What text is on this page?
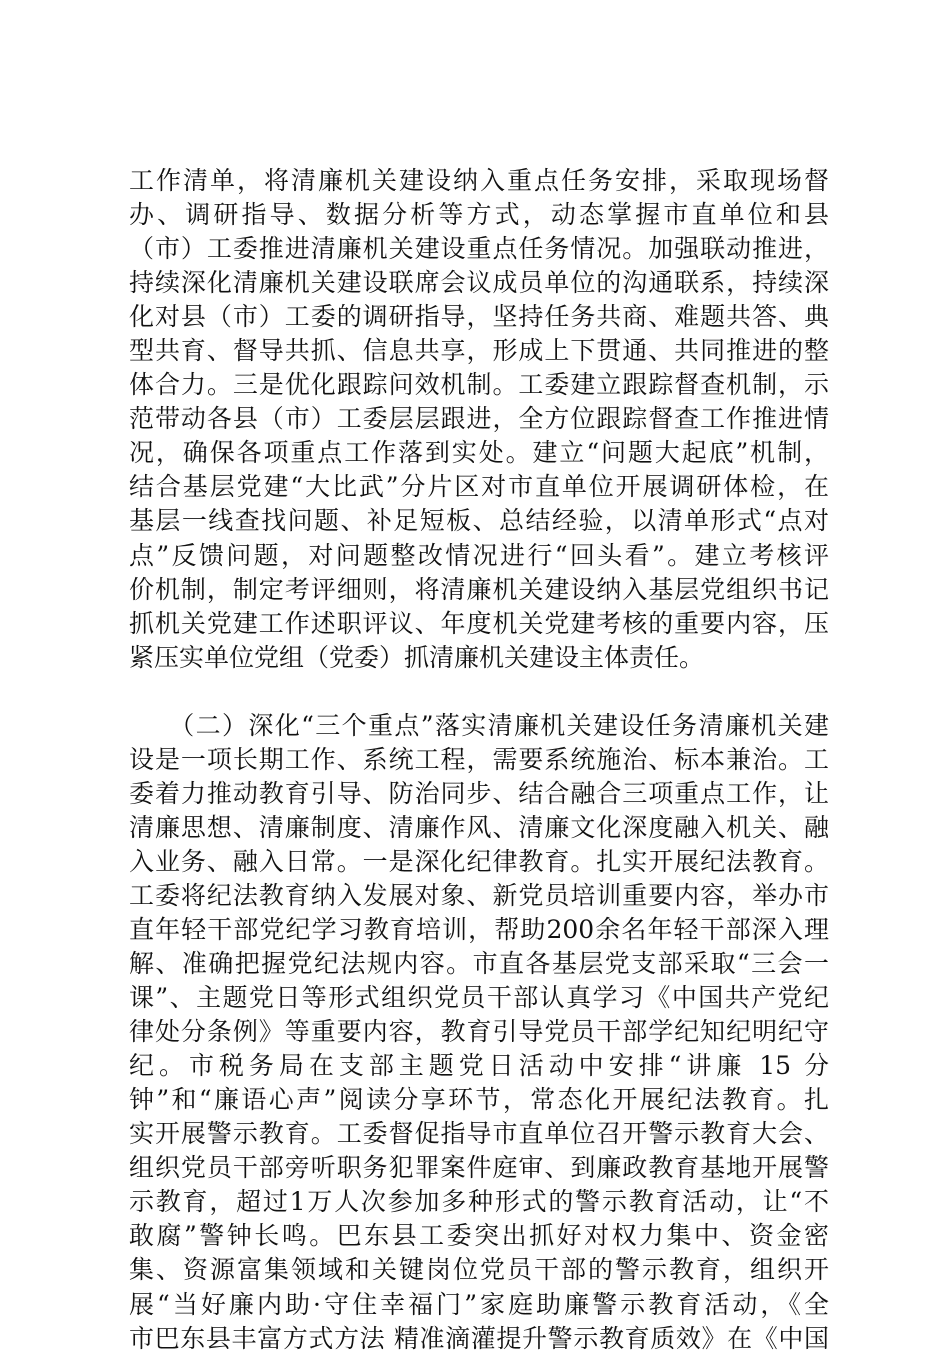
工作清单，将清廉机关建设纳入重点任务安排，采取现场督
办、调研指导、数据分析等方式，动态掌握市直单位和县
（市）工委推进清廉机关建设重点任务情况。加强联动推进，
持续深化清廉机关建设联席会议成员单位的沟通联系，持续深
化对县（市）工委的调研指导，坚持任务共商、难题共答、典
型共育、督导共抓、信息共享，形成上下贯通、共同推进的整
体合力。三是优化跟踪问效机制。工委建立跟踪督查机制，示
范带动各县（市）工委层层跟进，全方位跟踪督查工作推进情
况，确保各项重点工作落到实处。建立“问题大起底”机制，
结合基层党建“大比武”分片区对市直单位开展调研体检，在
基层一线查找问题、补足短板、总结经验，以清单形式“点对
点”反馈问题，对问题整改情况进行“回头看”。建立考核评
价机制，制定考评细则，将清廉机关建设纳入基层党组织书记
抓机关党建工作述职评议、年度机关党建考核的重要内容，压
紧压实单位党组（党委）抓清廉机关建设主体责任。
　　（二）深化“三个重点”落实清廉机关建设任务清廉机关建
设是一项长期工作、系统工程，需要系统施治、标本兼治。工
委着力推动教育引导、防治同步、结合融合三项重点工作，让
清廉思想、清廉制度、清廉作风、清廉文化深度融入机关、融
入业务、融入日常。一是深化纪律教育。扎实开展纪法教育。
工委将纪法教育纳入发展对象、新党员培训重要内容，举办市
直年轻干部党纪学习教育培训，帮助200余名年轻干部深入理
解、准确把握党纪法规内容。市直各基层党支部采取“三会一
课”、主题党日等形式组织党员干部认真学习《中国共产党纪
律处分条例》等重要内容，教育引导党员干部学纪知纪明纪守
纪。市税务局在支部主题党日活动中安排“讲廉 15 分
钟”和“廉语心声”阅读分享环节，常态化开展纪法教育。扎
实开展警示教育。工委督促指导市直单位召开警示教育大会、
组织党员干部旁听职务犯罪案件庭审、到廉政教育基地开展警
示教育，超过1万人次参加多种形式的警示教育活动，让“不
敢腐”警钟长鸣。巴东县工委突出抓好对权力集中、资金密
集、资源富集领域和关键岗位党员干部的警示教育，组织开
展“当好廉内助·守住幸福门”家庭助廉警示教育活动，《全
市巴东县丰富方式方法 精准滴灌提升警示教育质效》在《中国
